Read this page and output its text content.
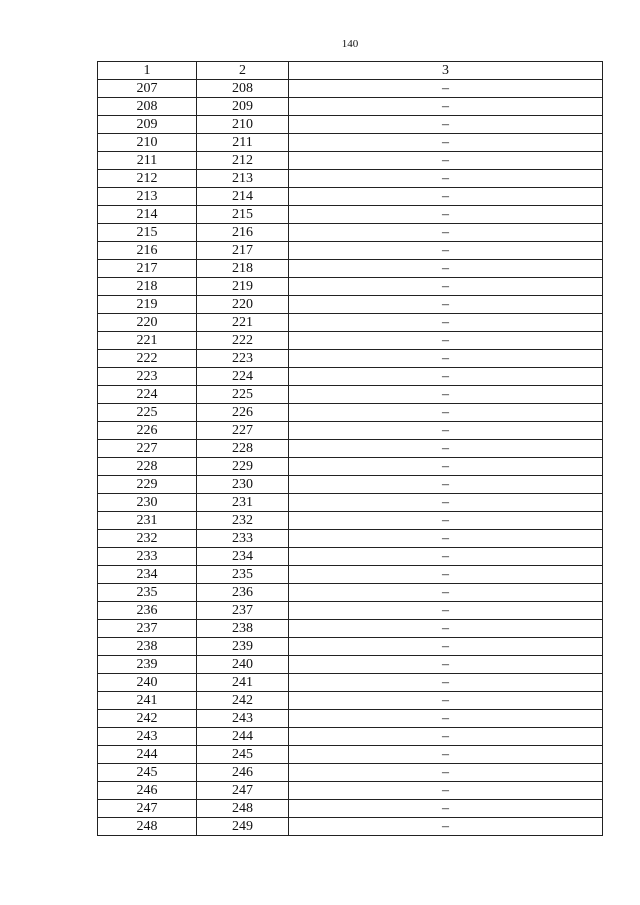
140
1	2	3
207	208	–
208	209	–
209	210	–
210	211	–
211	212	–
212	213	–
213	214	–
214	215	–
215	216	–
216	217	–
217	218	–
218	219	–
219	220	–
220	221	–
221	222	–
222	223	–
223	224	–
224	225	–
225	226	–
226	227	–
227	228	–
228	229	–
229	230	–
230	231	–
231	232	–
232	233	–
233	234	–
234	235	–
235	236	–
236	237	–
237	238	–
238	239	–
239	240	–
240	241	–
241	242	–
242	243	–
243	244	–
244	245	–
245	246	–
246	247	–
247	248	–
248	249	–
